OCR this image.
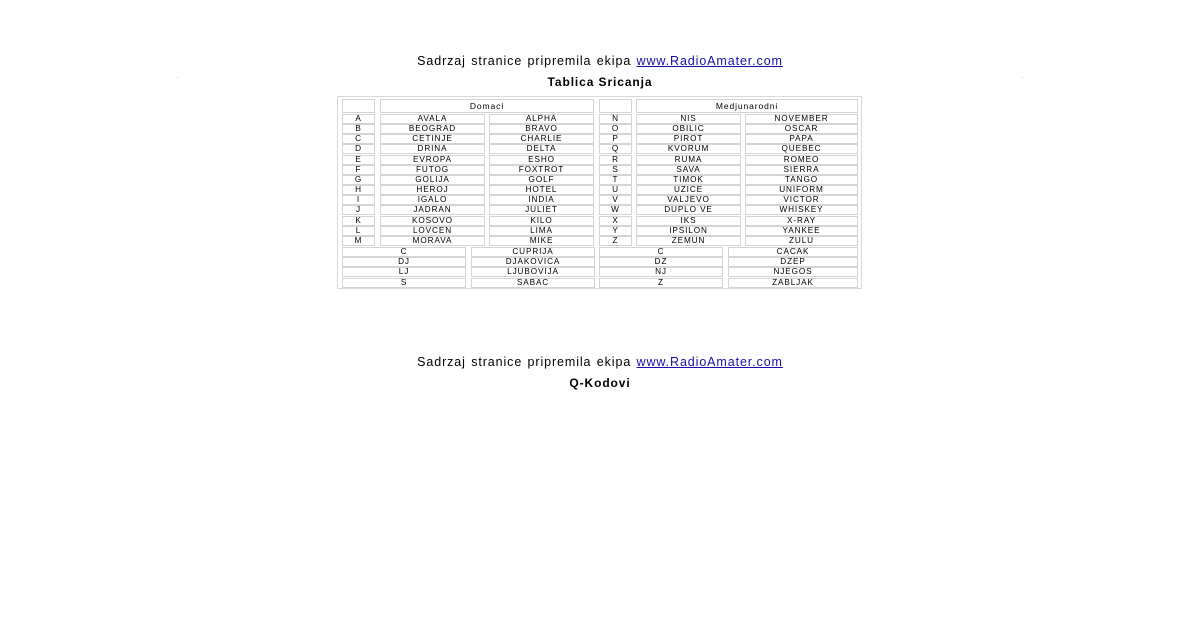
Sadrzaj stranice pripremila ekipa www.RadioAmater.com
Tablica Sricanja
Domaci	Medjunarodni
A	AVALA	ALPHA	N	NIS	NOVEMBER
B	BEOGRAD	BRAVO	O	OBILIC	OSCAR
C	CETINJE	CHARLIE	P	PIROT	PAPA
D	DRINA	DELTA	Q	KVORUM	QUEBEC
E	EVROPA	ESHO	R	RUMA	ROMEO
F	FUTOG	FOXTROT	S	SAVA	SIERRA
G	GOLIJA	GOLF	T	TIMOK	TANGO
H	HEROJ	HOTEL	U	UZICE	UNIFORM
I	IGALO	INDIA	V	VALJEVO	VICTOR
J	JADRAN	JULIET	W	DUPLO VE	WHISKEY
K	KOSOVO	KILO	X	IKS	X-RAY
L	LOVCEN	LIMA	Y	IPSILON	YANKEE
M	MORAVA	MIKE	Z	ZEMUN	ZULU
C	CUPRIJA	C	CACAK
DJ	DJAKOVICA	DZ	DZEP
LJ	LJUBOVIJA	NJ	NJEGOS
S	SABAC	Z	ZABLJAK
Sadrzaj stranice pripremila ekipa www.RadioAmater.com
Q-Kodovi
